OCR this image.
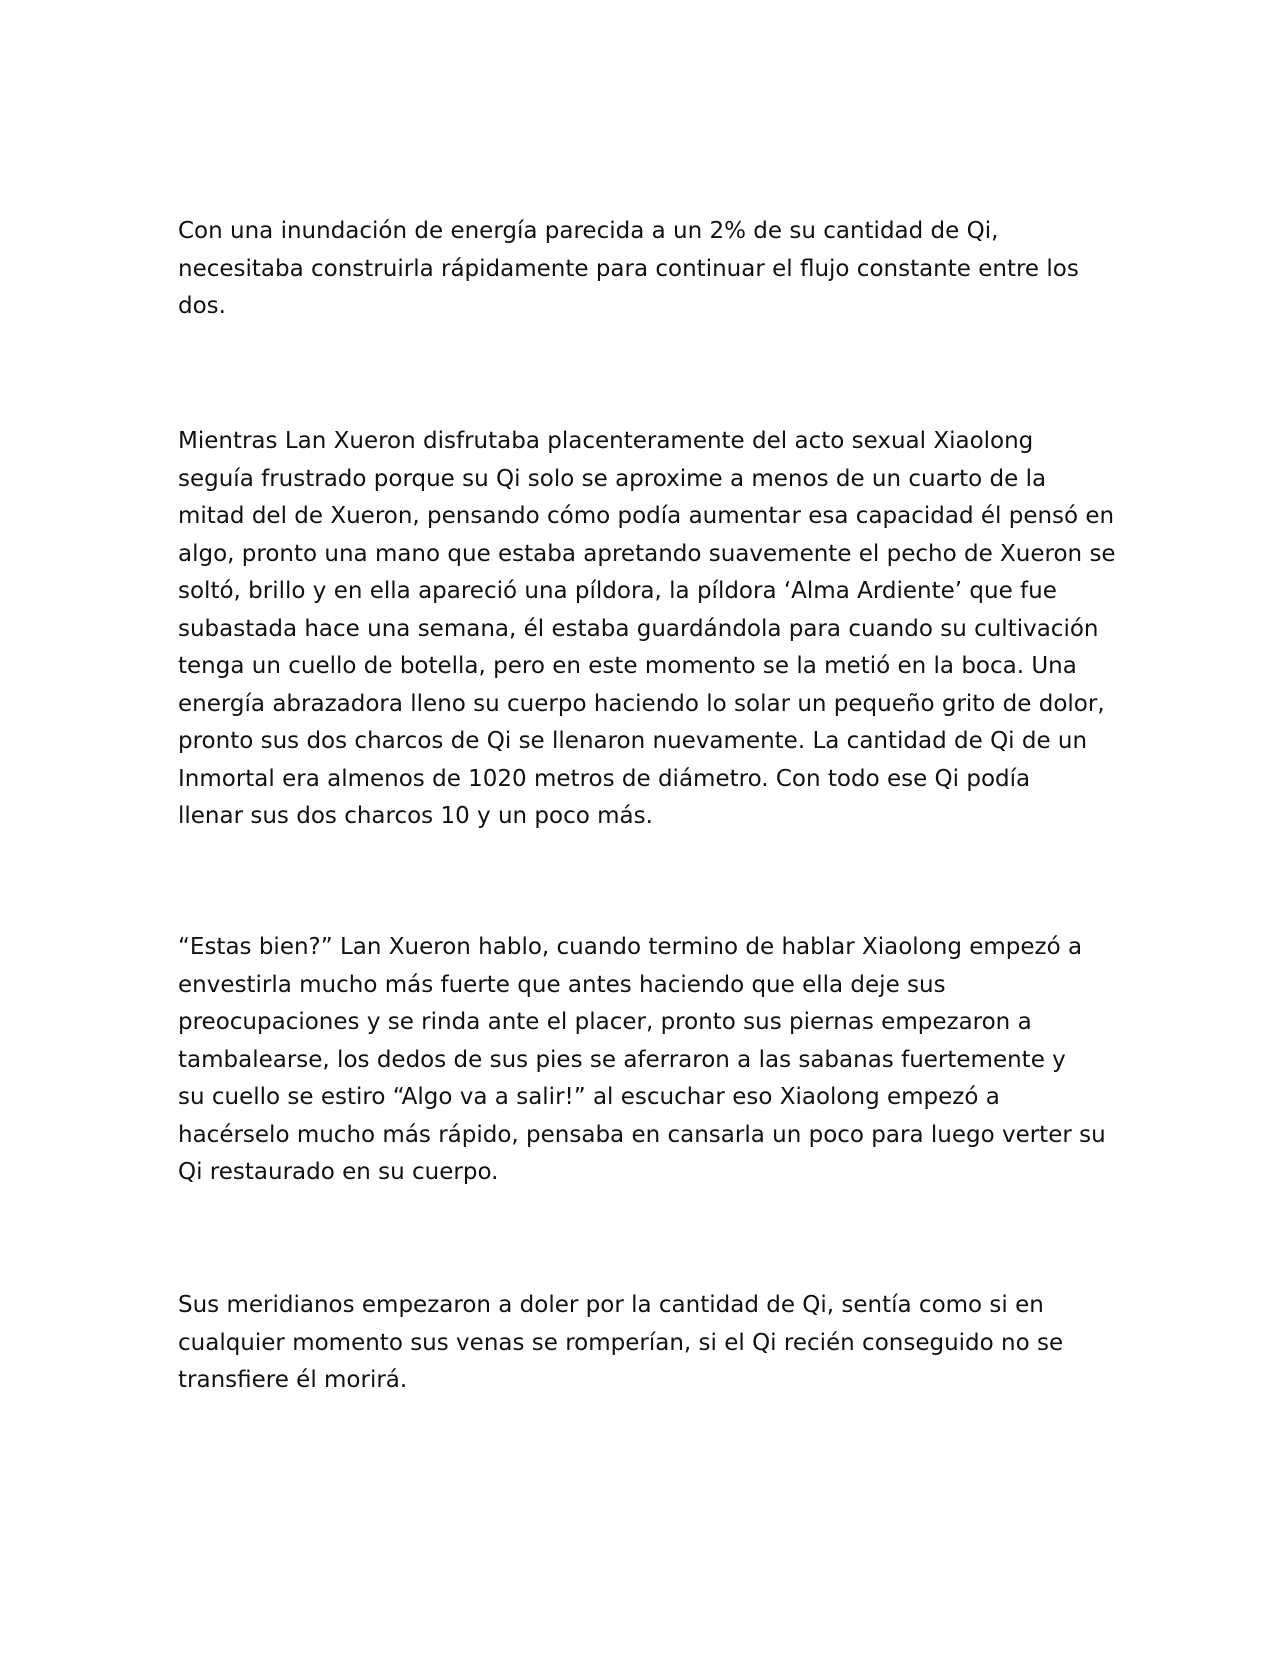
Con una inundación de energía parecida a un 2% de su cantidad de Qi,
necesitaba construirla rápidamente para continuar el flujo constante entre los
dos.

Mientras Lan Xueron disfrutaba placenteramente del acto sexual Xiaolong
seguía frustrado porque su Qi solo se aproxime a menos de un cuarto de la
mitad del de Xueron, pensando cómo podía aumentar esa capacidad él pensó en
algo, pronto una mano que estaba apretando suavemente el pecho de Xueron se
soltó, brillo y en ella apareció una píldora, la píldora ‘Alma Ardiente’ que fue
subastada hace una semana, él estaba guardándola para cuando su cultivación
tenga un cuello de botella, pero en este momento se la metió en la boca. Una
energía abrazadora lleno su cuerpo haciendo lo solar un pequeño grito de dolor,
pronto sus dos charcos de Qi se llenaron nuevamente. La cantidad de Qi de un
Inmortal era almenos de 1020 metros de diámetro. Con todo ese Qi podía
llenar sus dos charcos 10 y un poco más.

“Estas bien?” Lan Xueron hablo, cuando termino de hablar Xiaolong empezó a
envestirla mucho más fuerte que antes haciendo que ella deje sus
preocupaciones y se rinda ante el placer, pronto sus piernas empezaron a
tambalearse, los dedos de sus pies se aferraron a las sabanas fuertemente y
su cuello se estiro “Algo va a salir!” al escuchar eso Xiaolong empezó a
hacérselo mucho más rápido, pensaba en cansarla un poco para luego verter su
Qi restaurado en su cuerpo.

Sus meridianos empezaron a doler por la cantidad de Qi, sentía como si en
cualquier momento sus venas se romperían, si el Qi recién conseguido no se
transfiere él morirá.
